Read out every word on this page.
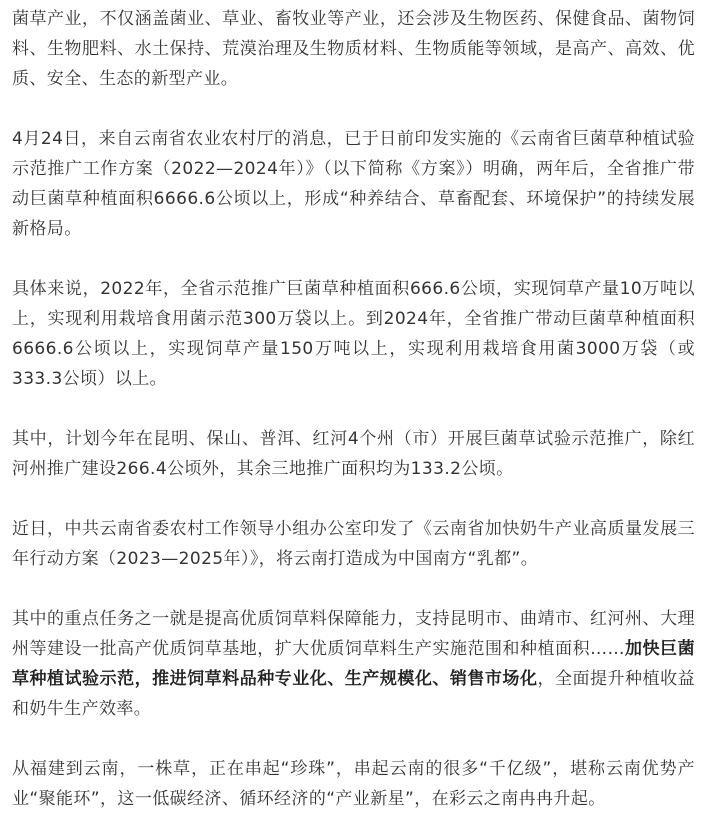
菌草产业，不仅涵盖菌业、草业、畜牧业等产业，还会涉及生物医药、保健食品、菌物饲料、生物肥料、水土保持、荒漠治理及生物质材料、生物质能等领域，是高产、高效、优质、安全、生态的新型产业。

4月24日，来自云南省农业农村厅的消息，已于日前印发实施的《云南省巨菌草种植试验示范推广工作方案（2022—2024年）》（以下简称《方案》）明确，两年后，全省推广带动巨菌草种植面积6666.6公顷以上，形成“种养结合、草畜配套、环境保护”的持续发展新格局。

具体来说，2022年，全省示范推广巨菌草种植面积666.6公顷，实现饲草产量10万吨以上，实现利用栽培食用菌示范300万袋以上。到2024年，全省推广带动巨菌草种植面积6666.6公顷以上，实现饲草产量150万吨以上，实现利用栽培食用菌3000万袋（或333.3公顷）以上。

其中，计划今年在昆明、保山、普洱、红河4个州（市）开展巨菌草试验示范推广，除红河州推广建设266.4公顷外，其余三地推广面积均为133.2公顷。

近日，中共云南省委农村工作领导小组办公室印发了《云南省加快奶牛产业高质量发展三年行动方案（2023—2025年）》，将云南打造成为中国南方“乳都”。

其中的重点任务之一就是提高优质饲草料保障能力，支持昆明市、曲靖市、红河州、大理州等建设一批高产优质饲草基地，扩大优质饲草料生产实施范围和种植面积……加快巨菌草种植试验示范，推进饲草料品种专业化、生产规模化、销售市场化，全面提升种植收益和奶牛生产效率。

从福建到云南，一株草，正在串起“珍珠”，串起云南的很多“千亿级”，堪称云南优势产业“聚能环”，这一低碳经济、循环经济的“产业新星”，在彩云之南冉冉升起。
